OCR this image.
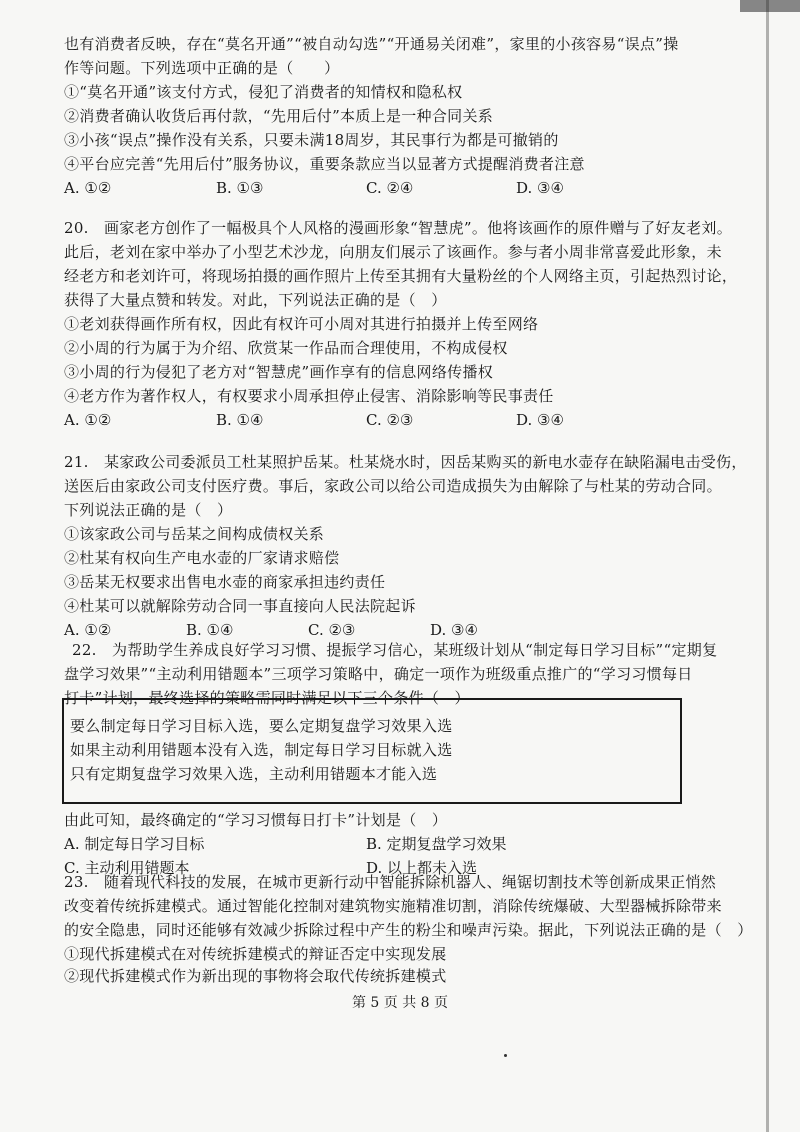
也有消费者反映，存在“莫名开通”“被自动勾选”“开通易关闭难”，家里的小孩容易“误点”操
作等问题。下列选项中正确的是（　　）
①“莫名开通”该支付方式，侵犯了消费者的知情权和隐私权
②消费者确认收货后再付款，“先用后付”本质上是一种合同关系
③小孩“误点”操作没有关系，只要未满18周岁，其民事行为都是可撤销的
④平台应完善“先用后付”服务协议，重要条款应当以显著方式提醒消费者注意
A. ①②	B. ①③	C. ②④	D. ③④
20.　画家老方创作了一幅极具个人风格的漫画形象“智慧虎”。他将该画作的原件赠与了好友老刘。
此后，老刘在家中举办了小型艺术沙龙，向朋友们展示了该画作。参与者小周非常喜爱此形象，未
经老方和老刘许可，将现场拍摄的画作照片上传至其拥有大量粉丝的个人网络主页，引起热烈讨论，
获得了大量点赞和转发。对此，下列说法正确的是（　）
①老刘获得画作所有权，因此有权许可小周对其进行拍摄并上传至网络
②小周的行为属于为介绍、欣赏某一作品而合理使用，不构成侵权
③小周的行为侵犯了老方对“智慧虎”画作享有的信息网络传播权
④老方作为著作权人，有权要求小周承担停止侵害、消除影响等民事责任
A. ①②	B. ①④	C. ②③	D. ③④
21.　某家政公司委派员工杜某照护岳某。杜某烧水时，因岳某购买的新电水壶存在缺陷漏电击受伤，
送医后由家政公司支付医疗费。事后，家政公司以给公司造成损失为由解除了与杜某的劳动合同。
下列说法正确的是（　）
①该家政公司与岳某之间构成债权关系
②杜某有权向生产电水壶的厂家请求赔偿
③岳某无权要求出售电水壶的商家承担违约责任
④杜某可以就解除劳动合同一事直接向人民法院起诉
A. ①②	B. ①④	C. ②③	D. ③④
22.　为帮助学生养成良好学习习惯、提振学习信心，某班级计划从“制定每日学习目标”“定期复
盘学习效果”“主动利用错题本”三项学习策略中，确定一项作为班级重点推广的“学习习惯每日
打卡”计划，最终选择的策略需同时满足以下三个条件（　）
要么制定每日学习目标入选，要么定期复盘学习效果入选
如果主动利用错题本没有入选，制定每日学习目标就入选
只有定期复盘学习效果入选，主动利用错题本才能入选
由此可知，最终确定的“学习习惯每日打卡”计划是（　）
A. 制定每日学习目标	B. 定期复盘学习效果
C. 主动利用错题本	D. 以上都未入选
23.　随着现代科技的发展，在城市更新行动中智能拆除机器人、绳锯切割技术等创新成果正悄然
改变着传统拆建模式。通过智能化控制对建筑物实施精准切割，消除传统爆破、大型器械拆除带来
的安全隐患，同时还能够有效减少拆除过程中产生的粉尘和噪声污染。据此，下列说法正确的是（　）
①现代拆建模式在对传统拆建模式的辩证否定中实现发展
②现代拆建模式作为新出现的事物将会取代传统拆建模式
第 5 页 共 8 页
